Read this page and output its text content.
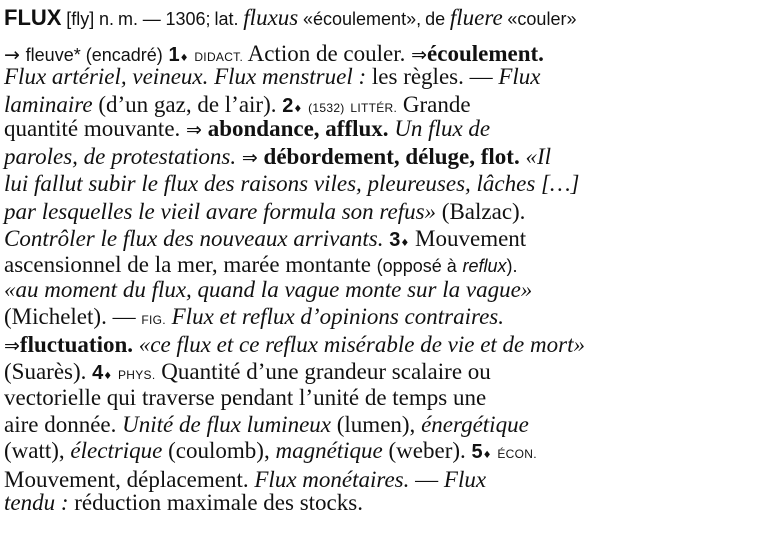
FLUX [fly] n. m. — 1306; lat. fluxus «écoulement», de fluere «couler»
→ fleuve* (encadré) 1♦ DIDACT. Action de couler. ⇒écoulement.
Flux artériel, veineux. Flux menstruel : les règles. — Flux
laminaire (d’un gaz, de l’air). 2♦ (1532) LITTÉR. Grande
quantité mouvante. ⇒ abondance, afflux. Un flux de
paroles, de protestations. ⇒ débordement, déluge, flot. «Il
lui fallut subir le flux des raisons viles, pleureuses, lâches […]
par lesquelles le vieil avare formula son refus» (Balzac).
Contrôler le flux des nouveaux arrivants. 3♦ Mouvement
ascensionnel de la mer, marée montante (opposé à reflux).
«au moment du flux, quand la vague monte sur la vague»
(Michelet). — FIG. Flux et reflux d’opinions contraires.
⇒fluctuation. «ce flux et ce reflux misérable de vie et de mort»
(Suarès). 4♦ PHYS. Quantité d’une grandeur scalaire ou
vectorielle qui traverse pendant l’unité de temps une
aire donnée. Unité de flux lumineux (lumen), énergétique
(watt), électrique (coulomb), magnétique (weber). 5♦ ÉCON.
Mouvement, déplacement. Flux monétaires. — Flux
tendu : réduction maximale des stocks.
